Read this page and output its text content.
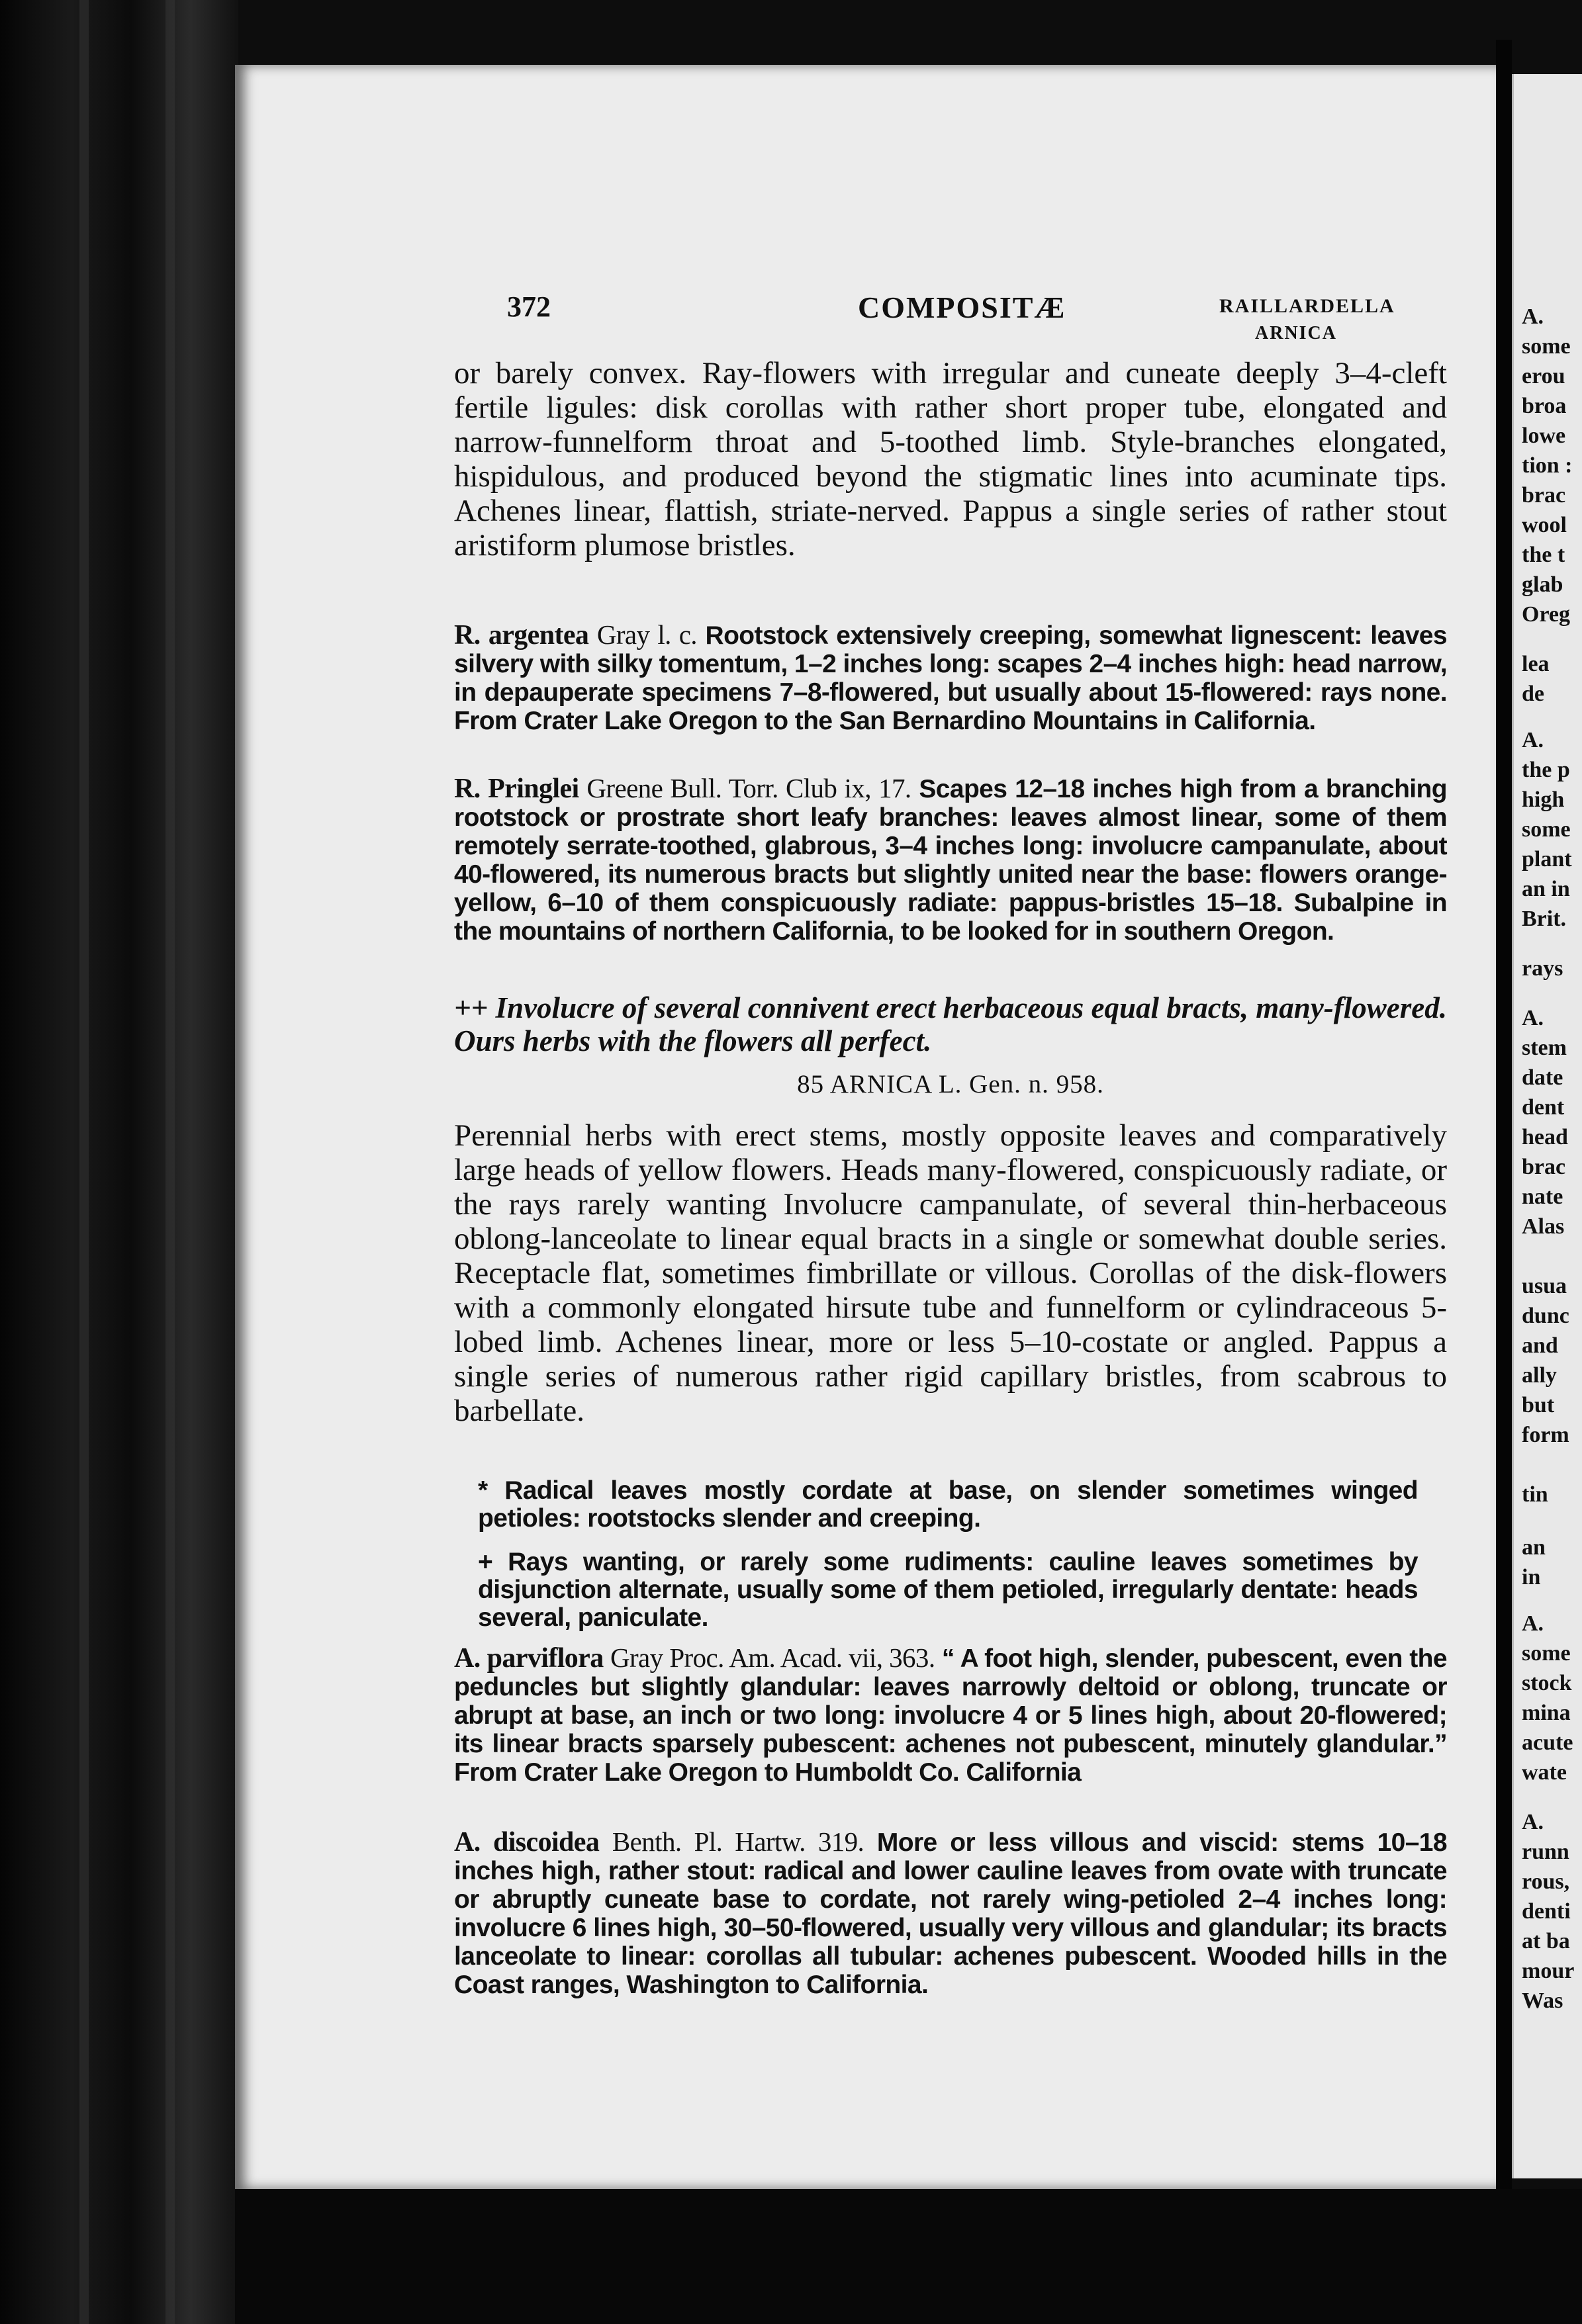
A.
some
erou
broa
lowe
tion :
brac
wool
the t
glab
Oreg
lea
de
A.
the p
high
some
plant
an in
Brit.
rays
A.
stem
date
dent
head
brac
nate
Alas
usua
dunc
and
ally
but
form
tin
an
in
A.
some
stock
mina
acute
wate
A.
runn
rous,
denti
at ba
mour
Was
372	COMPOSITÆ	RAILLARDELLA
ARNICA

or barely convex. Ray-flowers with irregular and cuneate deeply 3–4-cleft fertile ligules: disk corollas with rather short proper tube, elongated and narrow-funnelform throat and 5-toothed limb. Style-branches elongated, hispidulous, and produced beyond the stigmatic lines into acuminate tips. Achenes linear, flattish, striate-nerved. Pappus a single series of rather stout aristiform plumose bristles.

R. argentea Gray l. c. Rootstock extensively creeping, somewhat lignescent: leaves silvery with silky tomentum, 1–2 inches long: scapes 2–4 inches high: head narrow, in depauperate specimens 7–8-flowered, but usually about 15-flowered: rays none. From Crater Lake Oregon to the San Bernardino Mountains in California.

R. Pringlei Greene Bull. Torr. Club ix, 17. Scapes 12–18 inches high from a branching rootstock or prostrate short leafy branches: leaves almost linear, some of them remotely serrate-toothed, glabrous, 3–4 inches long: involucre campanulate, about 40-flowered, its numerous bracts but slightly united near the base: flowers orange-yellow, 6–10 of them conspicuously radiate: pappus-bristles 15–18. Subalpine in the mountains of northern California, to be looked for in southern Oregon.

++ Involucre of several connivent erect herbaceous equal bracts, many-flowered. Ours herbs with the flowers all perfect.

85 ARNICA L. Gen. n. 958.

Perennial herbs with erect stems, mostly opposite leaves and comparatively large heads of yellow flowers. Heads many-flowered, conspicuously radiate, or the rays rarely wanting Involucre campanulate, of several thin-herbaceous oblong-lanceolate to linear equal bracts in a single or somewhat double series. Receptacle flat, sometimes fimbrillate or villous. Corollas of the disk-flowers with a commonly elongated hirsute tube and funnelform or cylindraceous 5-lobed limb. Achenes linear, more or less 5–10-costate or angled. Pappus a single series of numerous rather rigid capillary bristles, from scabrous to barbellate.

* Radical leaves mostly cordate at base, on slender sometimes winged petioles: rootstocks slender and creeping.

+ Rays wanting, or rarely some rudiments: cauline leaves sometimes by disjunction alternate, usually some of them petioled, irregularly dentate: heads several, paniculate.

A. parviflora Gray Proc. Am. Acad. vii, 363. “ A foot high, slender, pubescent, even the peduncles but slightly glandular: leaves narrowly deltoid or oblong, truncate or abrupt at base, an inch or two long: involucre 4 or 5 lines high, about 20-flowered; its linear bracts sparsely pubescent: achenes not pubescent, minutely glandular.” From Crater Lake Oregon to Humboldt Co. California

A. discoidea Benth. Pl. Hartw. 319. More or less villous and viscid: stems 10–18 inches high, rather stout: radical and lower cauline leaves from ovate with truncate or abruptly cuneate base to cordate, not rarely wing-petioled 2–4 inches long: involucre 6 lines high, 30–50-flowered, usually very villous and glandular; its bracts lanceolate to linear: corollas all tubular: achenes pubescent. Wooded hills in the Coast ranges, Washington to California.
